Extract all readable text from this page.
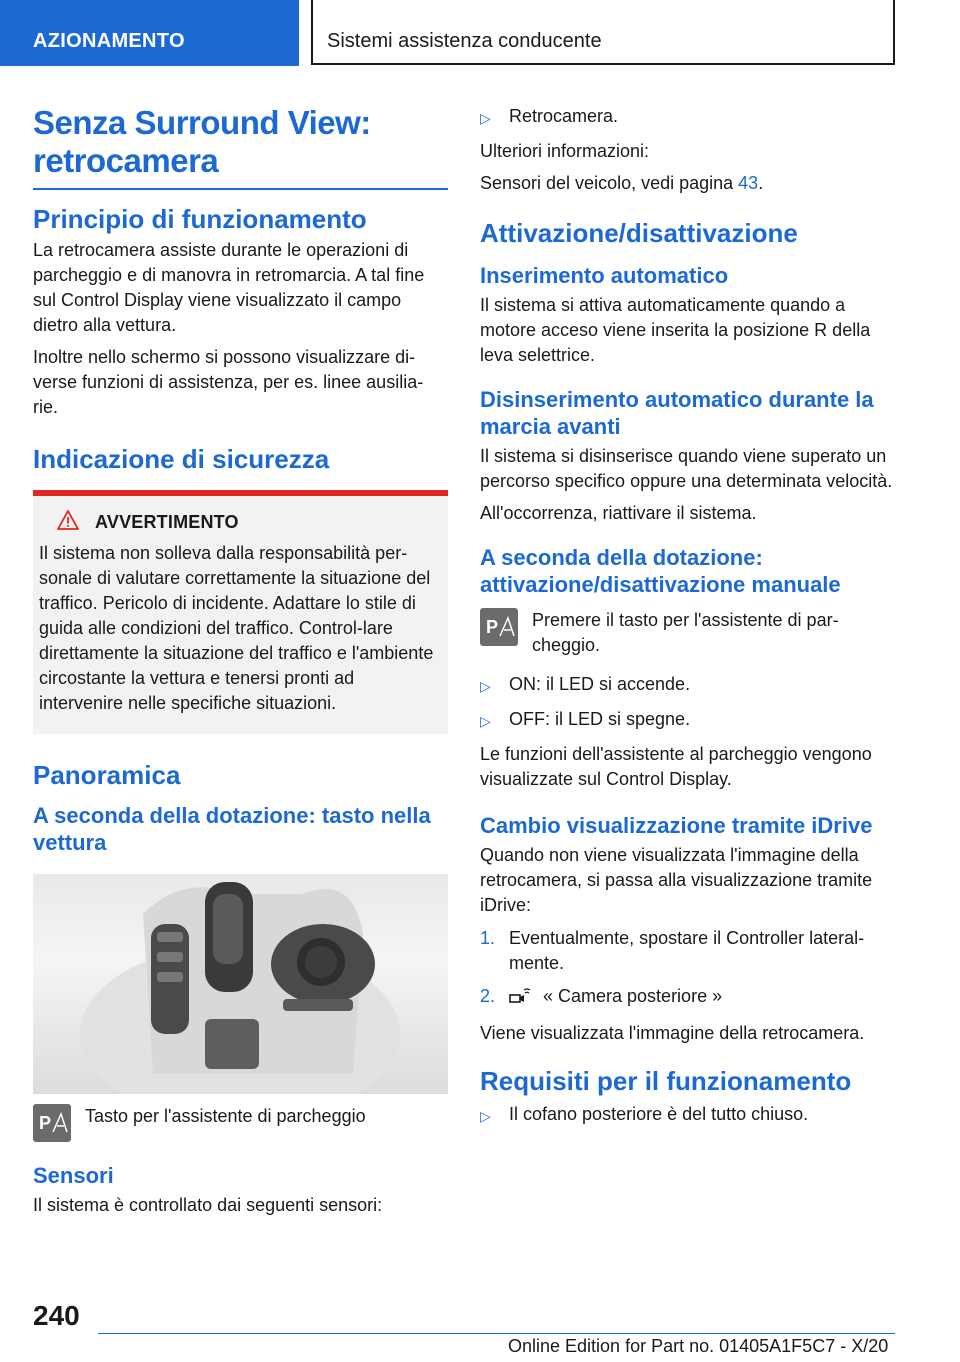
AZIONAMENTO	Sistemi assistenza conducente
Senza Surround View: retrocamera
Principio di funzionamento
La retrocamera assiste durante le operazioni di parcheggio e di manovra in retromarcia. A tal fine sul Control Display viene visualizzato il campo dietro alla vettura.
Inoltre nello schermo si possono visualizzare di-verse funzioni di assistenza, per es. linee ausilia-rie.
Indicazione di sicurezza
AVVERTIMENTO
Il sistema non solleva dalla responsabilità per-sonale di valutare correttamente la situazione del traffico. Pericolo di incidente. Adattare lo stile di guida alle condizioni del traffico. Control-lare direttamente la situazione del traffico e l'ambiente circostante la vettura e tenersi pronti ad intervenire nelle specifiche situazioni.
Panoramica
A seconda della dotazione: tasto nella vettura
P Tasto per l'assistente di parcheggio
Sensori
Il sistema è controllato dai seguenti sensori:
▷	Retrocamera.
Ulteriori informazioni:
Sensori del veicolo, vedi pagina 43.
Attivazione/disattivazione
Inserimento automatico
Il sistema si attiva automaticamente quando a motore acceso viene inserita la posizione R della leva selettrice.
Disinserimento automatico durante la marcia avanti
Il sistema si disinserisce quando viene superato un percorso specifico oppure una determinata velocità.
All'occorrenza, riattivare il sistema.
A seconda della dotazione: attivazione/disattivazione manuale
P Premere il tasto per l'assistente di par-cheggio.
▷	ON: il LED si accende.
▷	OFF: il LED si spegne.
Le funzioni dell'assistente al parcheggio vengono visualizzate sul Control Display.
Cambio visualizzazione tramite iDrive
Quando non viene visualizzata l'immagine della retrocamera, si passa alla visualizzazione tramite iDrive:
1. Eventualmente, spostare il Controller lateral-mente.
2.	« Camera posteriore »
Viene visualizzata l'immagine della retrocamera.
Requisiti per il funzionamento
▷	Il cofano posteriore è del tutto chiuso.
240
Online Edition for Part no. 01405A1F5C7 - X/20
